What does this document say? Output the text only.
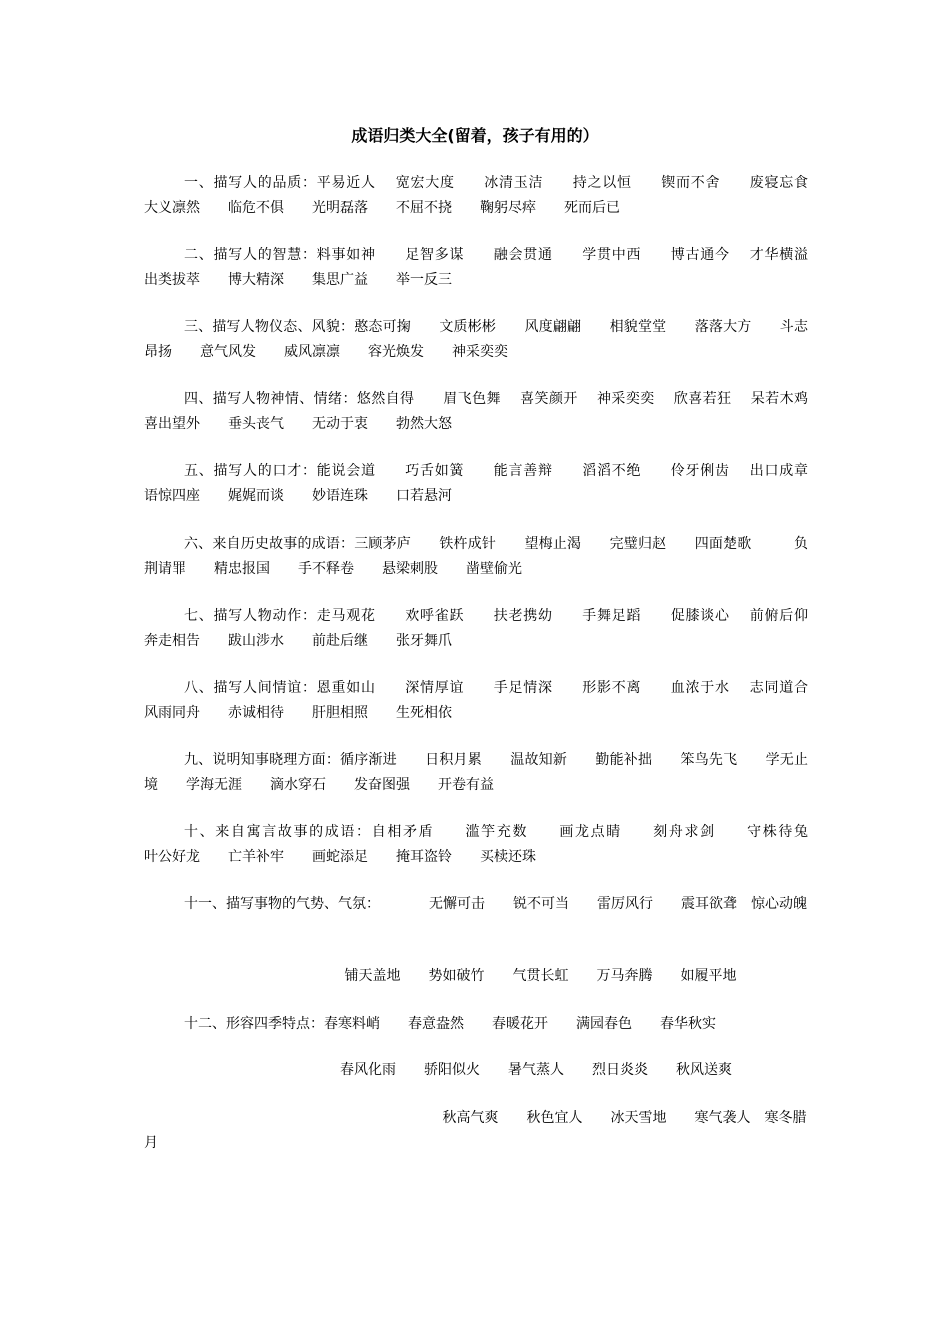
成语归类大全(留着，孩子有用的）
一、描写人的品质：平易近人　 宽宏大度　　冰清玉洁　　持之以恒　　锲而不舍　　废寝忘食　　大义凛然　　临危不俱　　光明磊落　　不屈不挠　　鞠躬尽瘁　　死而后已
二、描写人的智慧：料事如神　　足智多谋　　融会贯通　　学贯中西　　博古通今　 才华横溢　　出类拔萃　　博大精深　　集思广益　　举一反三
三、描写人物仪态、风貌：憨态可掬　　文质彬彬　　风度翩翩　　相貌堂堂　　落落大方　　斗志昂扬　　意气风发　　威风凛凛　　容光焕发　　神采奕奕
四、描写人物神情、情绪：悠然自得　　眉飞色舞　 喜笑颜开　 神采奕奕　 欣喜若狂　 呆若木鸡　　喜出望外　　垂头丧气　　无动于衷　　勃然大怒
五、描写人的口才：能说会道　　巧舌如簧　　能言善辩　　滔滔不绝　　伶牙俐齿　 出口成章　　语惊四座　　娓娓而谈　　妙语连珠　　口若悬河
六、来自历史故事的成语：三顾茅庐　　铁杵成针　　望梅止渴　　完璧归赵　　四面楚歌　　　负荆请罪　　精忠报国　　手不释卷　　悬梁刺股　　凿壁偷光
七、描写人物动作：走马观花　　欢呼雀跃　　扶老携幼　　手舞足蹈　　促膝谈心　 前俯后仰　　奔走相告　　跋山涉水　　前赴后继　　张牙舞爪
八、描写人间情谊：恩重如山　　深情厚谊　　手足情深　　形影不离　　血浓于水　 志同道合　　风雨同舟　　赤诚相待　　肝胆相照　　生死相依
九、说明知事晓理方面：循序渐进　　日积月累　　温故知新　　勤能补拙　　笨鸟先飞　　学无止境　　学海无涯　　滴水穿石　　发奋图强　　开卷有益
十、来自寓言故事的成语：自相矛盾　　滥竽充数　　画龙点睛　　刻舟求剑　　守株待兔　　　　叶公好龙　　亡羊补牢　　画蛇添足　　掩耳盗铃　　买椟还珠
十一、描写事物的气势、气氛：　　　　无懈可击　　锐不可当　　雷厉风行　　震耳欲聋　惊心动魄
　　　　　　　　　　　　　　 铺天盖地　　势如破竹　　气贯长虹　　万马奔腾　　如履平地
十二、形容四季特点：春寒料峭　　春意盎然　　春暖花开　　满园春色　　春华秋实
　　　　　　　　　　　　　　春风化雨　　骄阳似火　　暑气蒸人　　烈日炎炎　　秋风送爽
　　　　　　　　　　　　　　　　　　　　　 秋高气爽　　秋色宜人　　冰天雪地　　寒气袭人　寒冬腊月
